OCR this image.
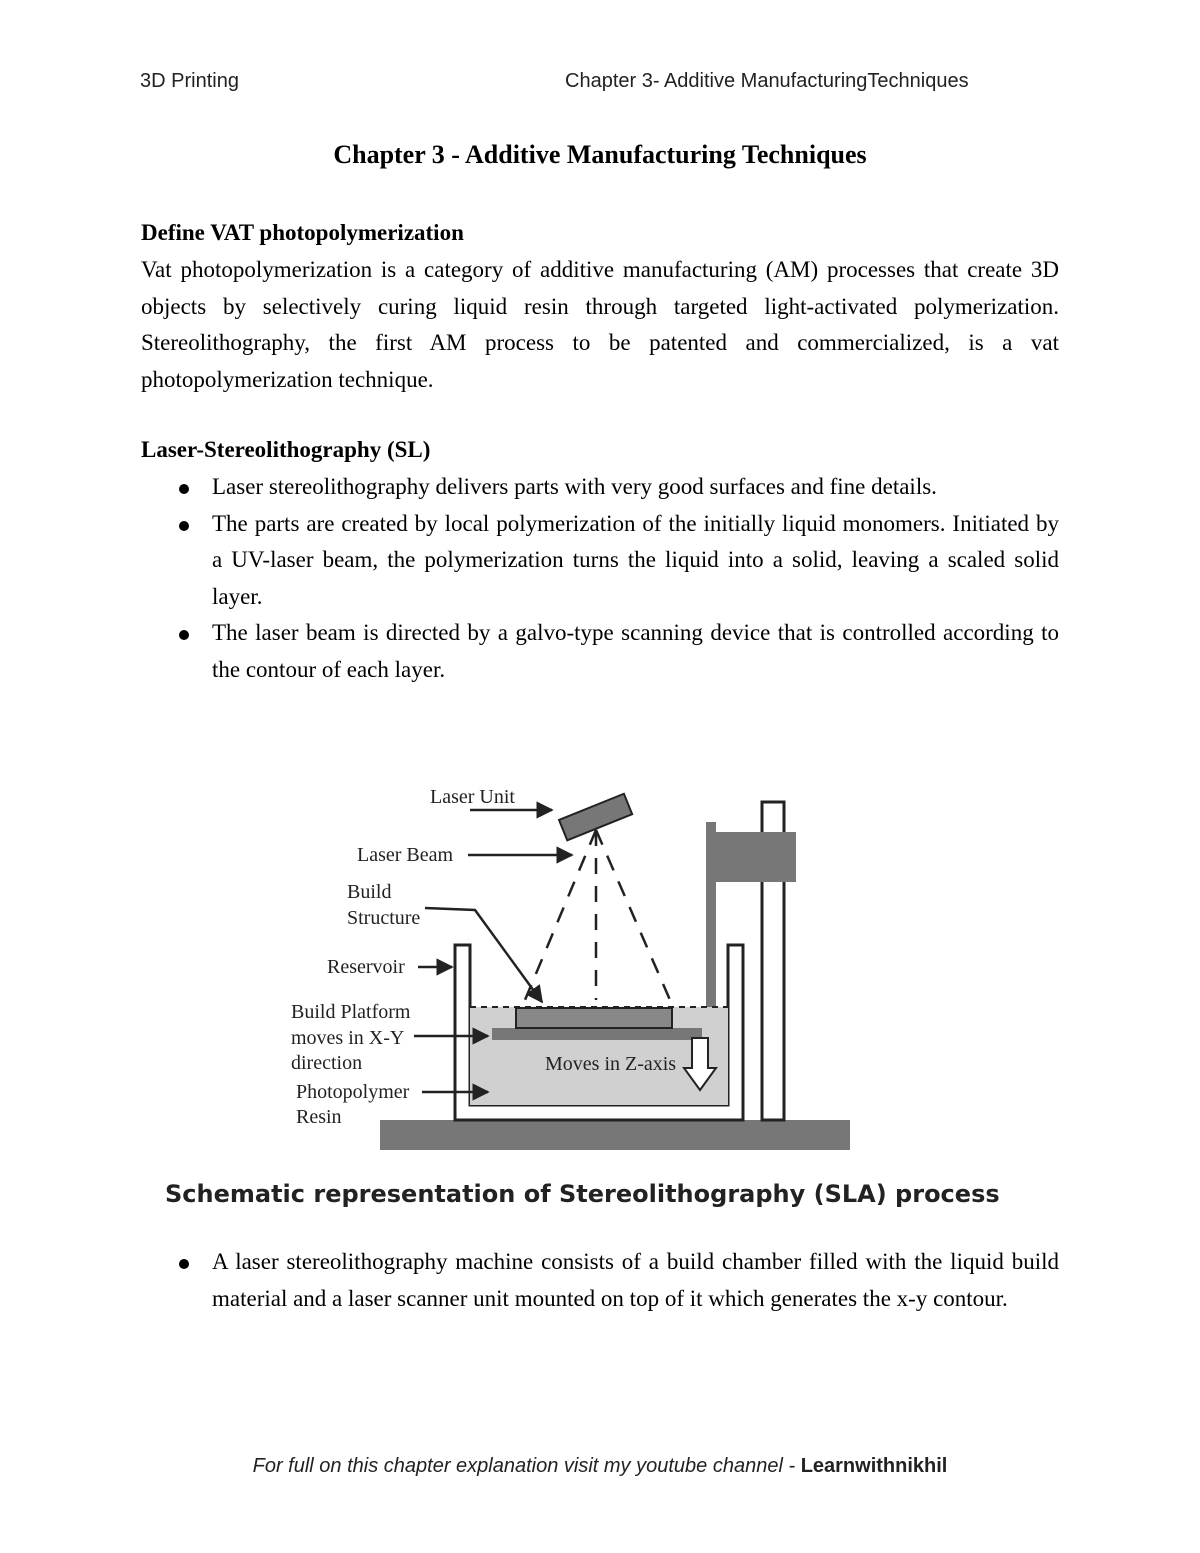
3D Printing	Chapter 3- Additive ManufacturingTechniques
Chapter 3 - Additive Manufacturing Techniques
Define VAT photopolymerization

Vat photopolymerization is a category of additive manufacturing (AM) processes that create 3D objects by selectively curing liquid resin through targeted light-activated polymerization. Stereolithography, the first AM process to be patented and commercialized, is a vat photopolymerization technique.

Laser-Stereolithography (SL)
Laser stereolithography delivers parts with very good surfaces and fine details.
The parts are created by local polymerization of the initially liquid monomers. Initiated by a UV-laser beam, the polymerization turns the liquid into a solid, leaving a scaled solid layer.
The laser beam is directed by a galvo-type scanning device that is controlled according to the contour of each layer.
Laser Unit
Laser Beam
Build
Structure
Reservoir
Build Platform
moves in X-Y
direction
Photopolymer
Resin
Moves in Z-axis
Schematic representation of Stereolithography (SLA) process
A laser stereolithography machine consists of a build chamber filled with the liquid build material and a laser scanner unit mounted on top of it which generates the x-y contour.
For full on this chapter explanation visit my youtube channel - Learnwithnikhil
